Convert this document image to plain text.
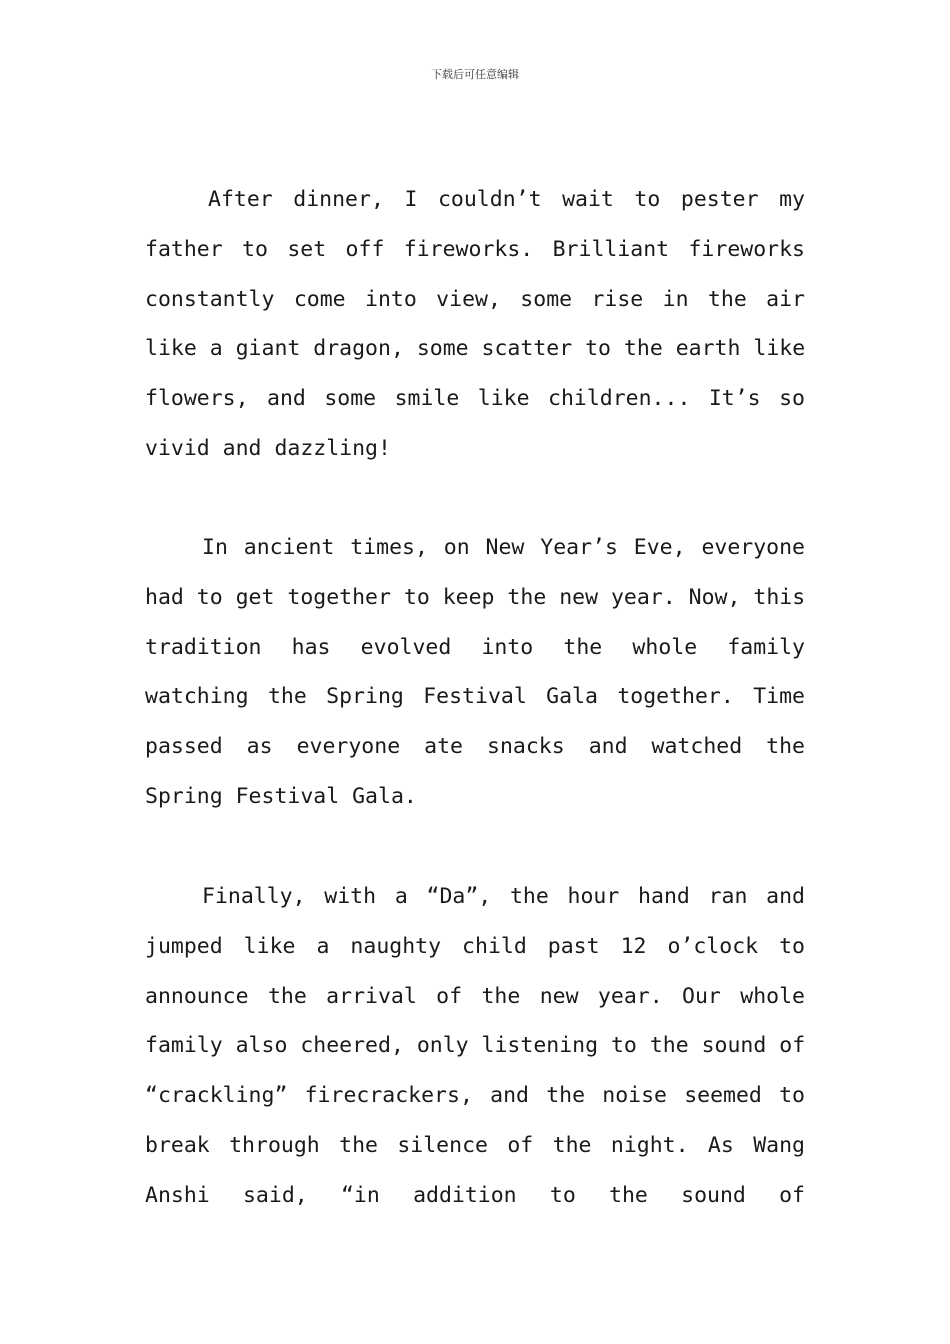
下载后可任意编辑
After dinner, I couldn’t wait to pester my
father to set off fireworks. Brilliant fireworks
constantly come into view, some rise in the air
like a giant dragon, some scatter to the earth like
flowers, and some smile like children... It’s so
vivid and dazzling!
In ancient times, on New Year’s Eve, everyone
had to get together to keep the new year. Now, this
tradition has evolved into the whole family
watching the Spring Festival Gala together. Time
passed as everyone ate snacks and watched the
Spring Festival Gala.
Finally, with a “Da”, the hour hand ran and
jumped like a naughty child past 12 o’clock to
announce the arrival of the new year. Our whole
family also cheered, only listening to the sound of
“crackling” firecrackers, and the noise seemed to
break through the silence of the night. As Wang
Anshi said, “in addition to the sound of
